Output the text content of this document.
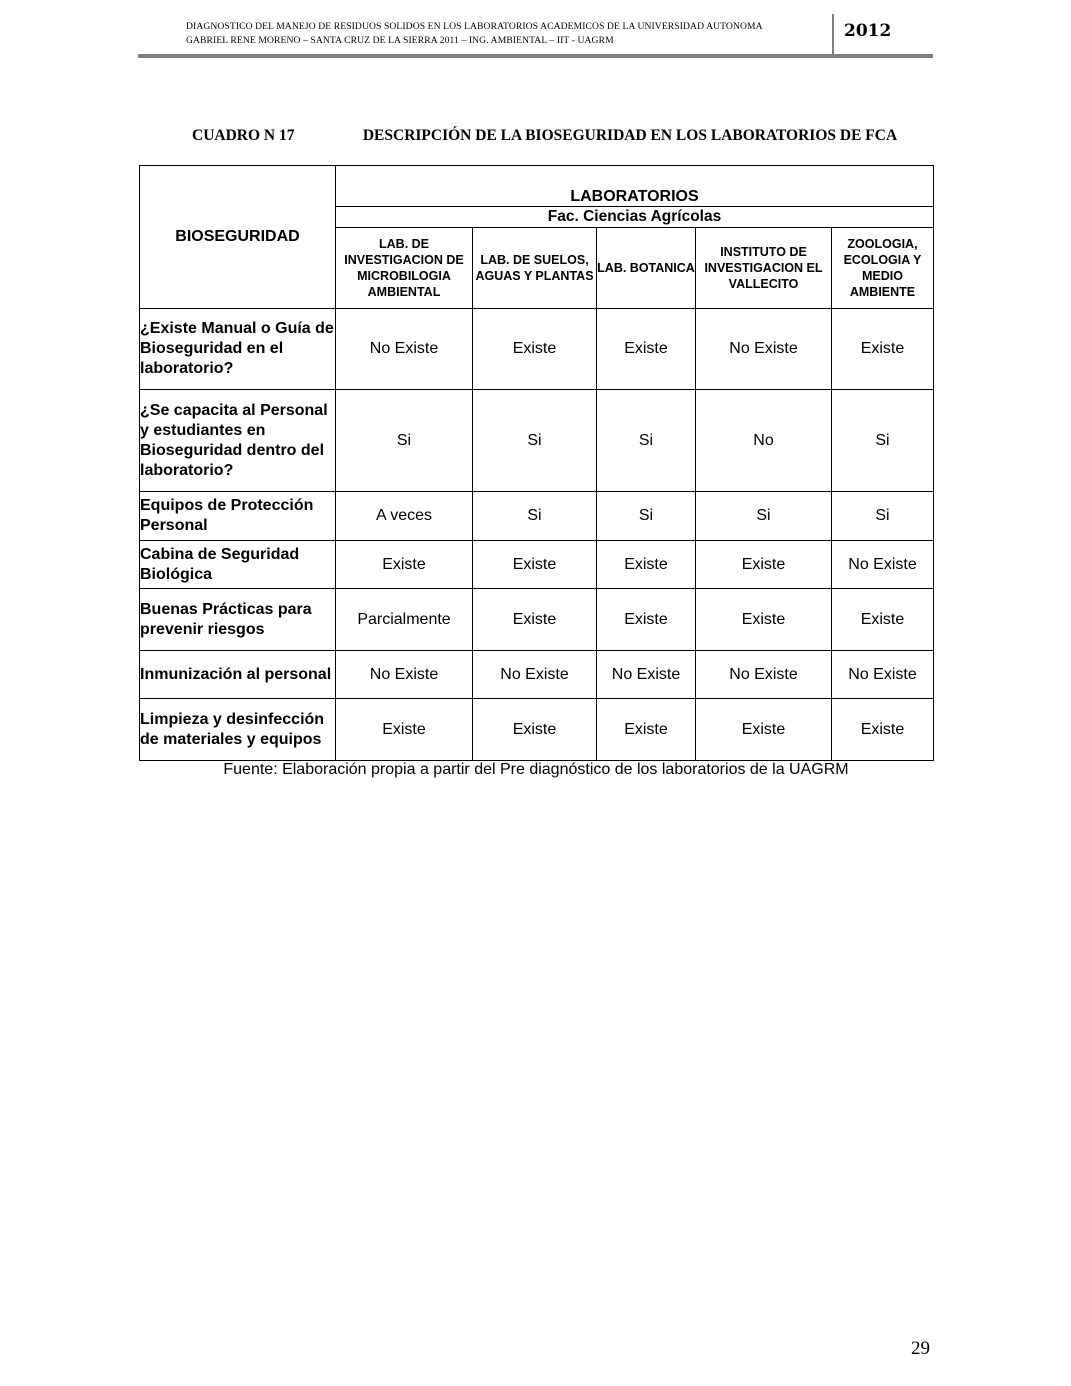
DIAGNOSTICO DEL MANEJO DE RESIDUOS SOLIDOS EN LOS LABORATORIOS ACADEMICOS DE LA UNIVERSIDAD AUTONOMA
GABRIEL RENE MORENO – SANTA CRUZ DE LA SIERRA 2011 – ING. AMBIENTAL – IIT - UAGRM	2012
CUADRO N 17	DESCRIPCIÓN DE LA BIOSEGURIDAD EN LOS LABORATORIOS DE FCA
BIOSEGURIDAD	LABORATORIOS				
	Fac. Ciencias Agrícolas				
	LAB. DE INVESTIGACION DE MICROBILOGIA AMBIENTAL	LAB. DE SUELOS, AGUAS Y PLANTAS	LAB. BOTANICA	INSTITUTO DE INVESTIGACION EL VALLECITO	ZOOLOGIA, ECOLOGIA Y MEDIO AMBIENTE
¿Existe Manual o Guía de Bioseguridad en el laboratorio?	No Existe	Existe	Existe	No Existe	Existe
¿Se capacita al Personal y estudiantes en Bioseguridad dentro del laboratorio?	Si	Si	Si	No	Si
Equipos de Protección Personal	A veces	Si	Si	Si	Si
Cabina de Seguridad Biológica	Existe	Existe	Existe	Existe	No Existe
Buenas Prácticas para prevenir riesgos	Parcialmente	Existe	Existe	Existe	Existe
Inmunización al personal	No Existe	No Existe	No Existe	No Existe	No Existe
Limpieza y desinfección de materiales y equipos	Existe	Existe	Existe	Existe	Existe
Fuente: Elaboración propia a partir del Pre diagnóstico de los laboratorios de la UAGRM
29
